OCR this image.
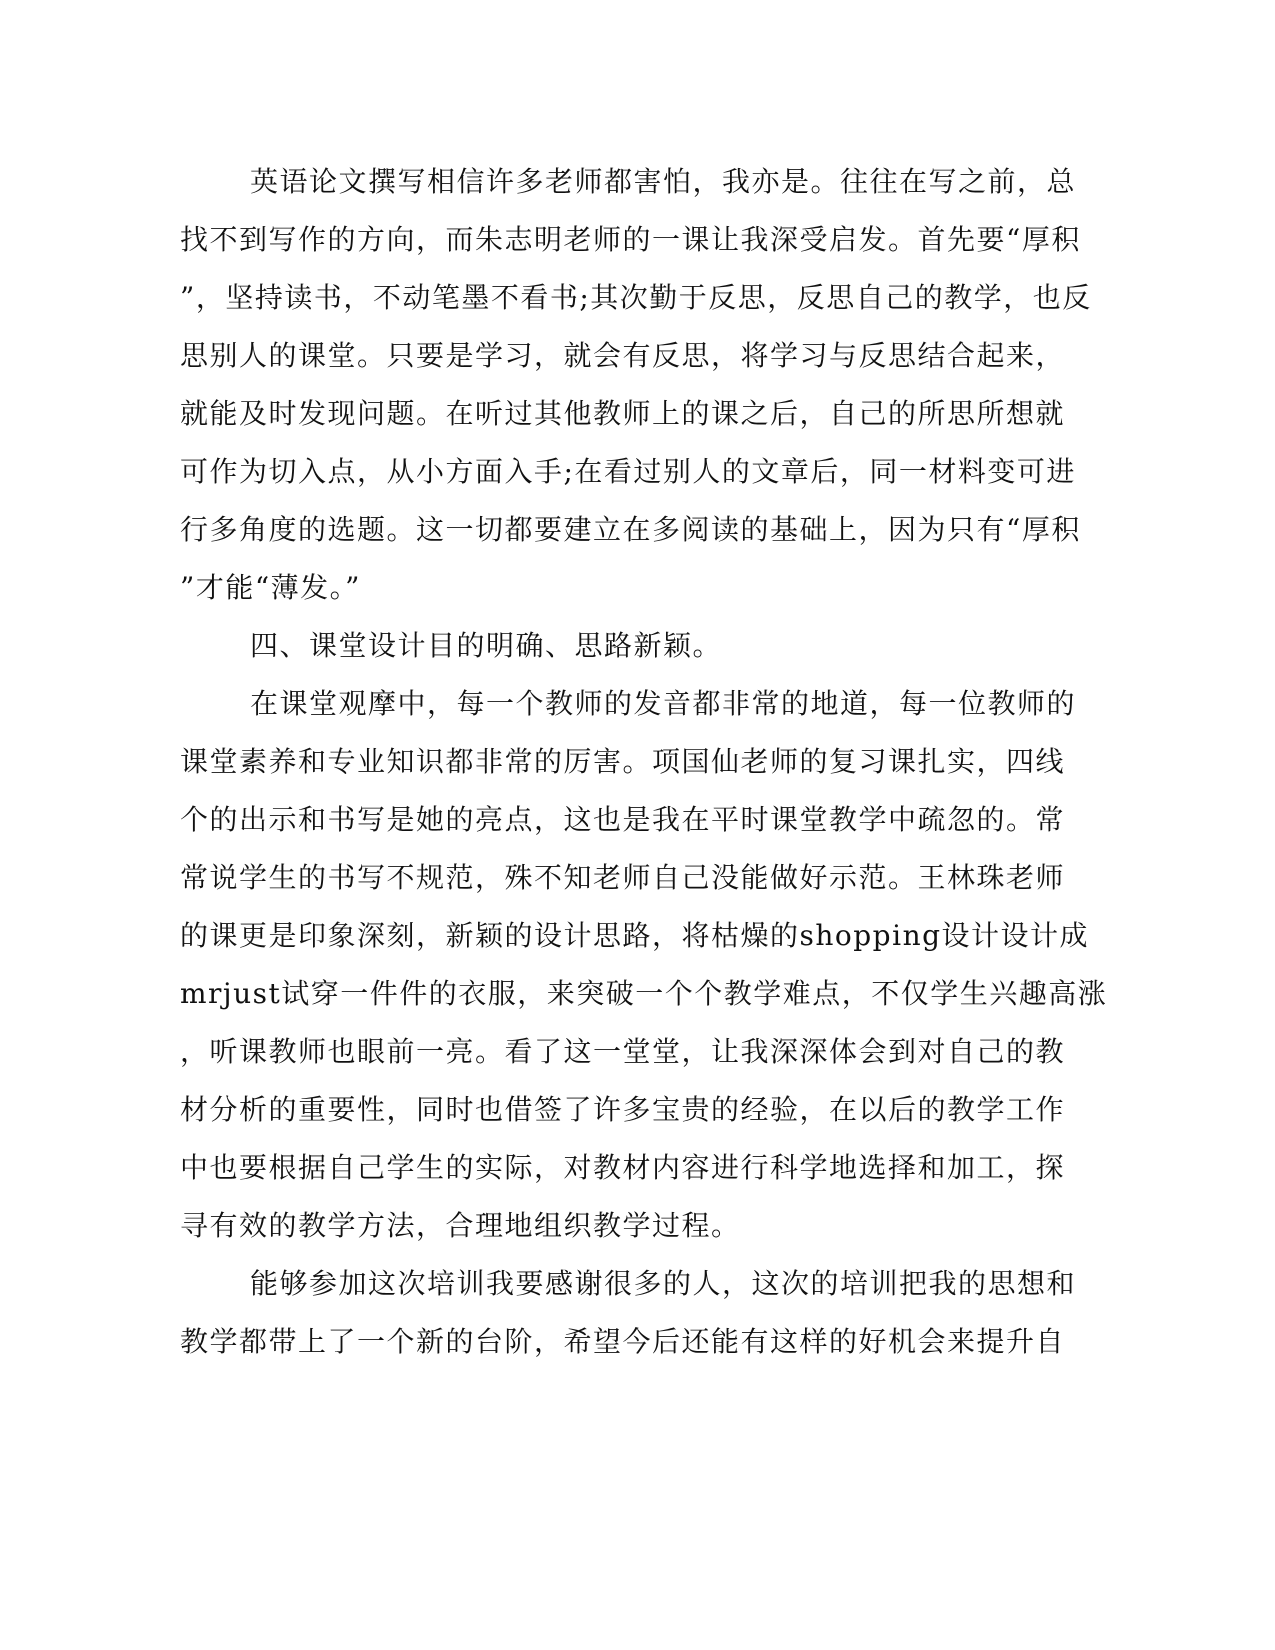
英语论文撰写相信许多老师都害怕，我亦是。往往在写之前，总
找不到写作的方向，而朱志明老师的一课让我深受启发。首先要“厚积
”，坚持读书，不动笔墨不看书;其次勤于反思，反思自己的教学，也反
思别人的课堂。只要是学习，就会有反思，将学习与反思结合起来，
就能及时发现问题。在听过其他教师上的课之后，自己的所思所想就
可作为切入点，从小方面入手;在看过别人的文章后，同一材料变可进
行多角度的选题。这一切都要建立在多阅读的基础上，因为只有“厚积
”才能“薄发。”
四、课堂设计目的明确、思路新颖。
在课堂观摩中，每一个教师的发音都非常的地道，每一位教师的
课堂素养和专业知识都非常的厉害。项国仙老师的复习课扎实，四线
个的出示和书写是她的亮点，这也是我在平时课堂教学中疏忽的。常
常说学生的书写不规范，殊不知老师自己没能做好示范。王林珠老师
的课更是印象深刻，新颖的设计思路，将枯燥的shopping设计设计成
mrjust试穿一件件的衣服，来突破一个个教学难点，不仅学生兴趣高涨
，听课教师也眼前一亮。看了这一堂堂，让我深深体会到对自己的教
材分析的重要性，同时也借签了许多宝贵的经验，在以后的教学工作
中也要根据自己学生的实际，对教材内容进行科学地选择和加工，探
寻有效的教学方法，合理地组织教学过程。
能够参加这次培训我要感谢很多的人，这次的培训把我的思想和
教学都带上了一个新的台阶，希望今后还能有这样的好机会来提升自
